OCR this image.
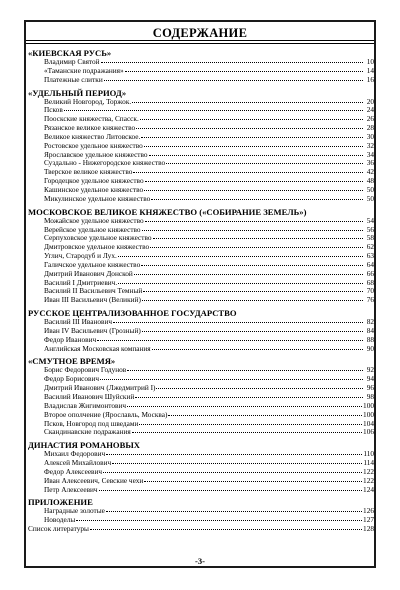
СОДЕРЖАНИЕ
«КИЕВСКАЯ РУСЬ»
Владимир Святой	10
«Таманские подражания»	14
Платежные слитки	16
«УДЕЛЬНЫЙ ПЕРИОД»
Великий Новгород, Торжок.	20
Псков	24
Пооскские княжества, Спасск.	26
Рязанское великое княжество	28
Великое княжество Литовское.	30
Ростовское удельное княжество	32
Ярославское удельное княжество	34
Суздально - Нижегородское княжество	36
Тверское великое княжество	42
Городецкое удельное княжество	48
Кашинское удельное княжество	50
Микулинское удельное княжество	50
МОСКОВСКОЕ ВЕЛИКОЕ КНЯЖЕСТВО («СОБИРАНИЕ ЗЕМЕЛЬ»)
Можайское удельное княжество	54
Верейское удельное княжество	56
Серпуховское удельное княжество	58
Дмитровское удельное княжество	62
Углич, Стародуб и Лух.	63
Галичское удельное княжество	64
Дмитрий Иванович Донской	66
Василий I Дмитриевич.	68
Василий II Васильевич Темный	70
Иван III Васильевич (Великий)	76
РУССКОЕ ЦЕНТРАЛИЗОВАННОЕ ГОСУДАРСТВО
Василий III Иванович	82
Иван IV Васильевич (Грозный)	84
Федор Иванович	88
Английская Московская компания	90
«СМУТНОЕ ВРЕМЯ»
Борис Федорович Годунов	92
Федор Борисович	94
Дмитрий Иванович (Лжедмитрий I)	96
Василий Иванович Шуйский	98
Владислав Жигимонтович	100
Второе ополчение (Ярославль, Москва)	100
Псков, Новгород под шведами	104
Скандинавские подражания	106
ДИНАСТИЯ РОМАНОВЫХ
Михаил Федорович	110
Алексей Михайлович	114
Федор Алексеевич	122
Иван Алексеевич, Севские чехи	122
Петр Алексеевич	124
ПРИЛОЖЕНИЕ
Наградные золотые	126
Новоделы	127
Список литературы	128
-3-
